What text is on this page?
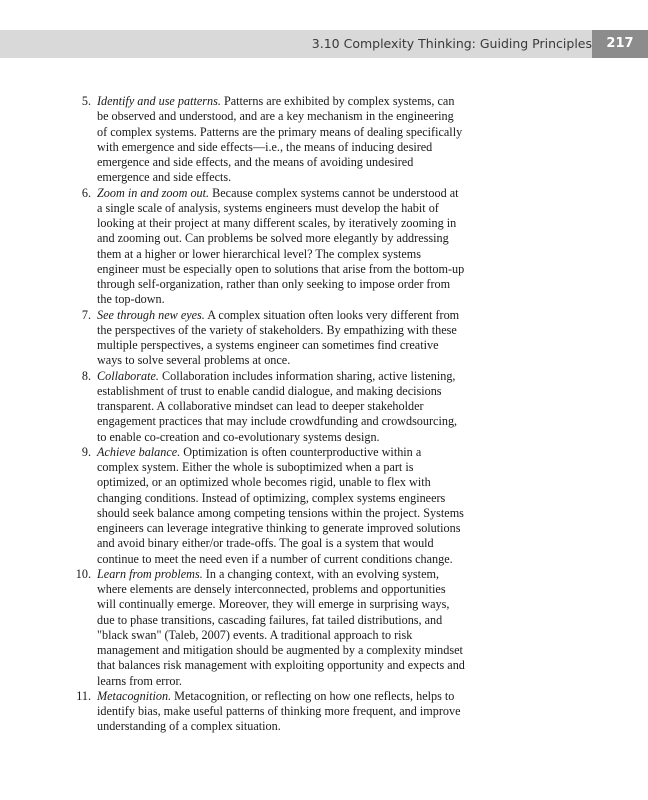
3.10 Complexity Thinking: Guiding Principles	217
5. Identify and use patterns. Patterns are exhibited by complex systems, can be observed and understood, and are a key mechanism in the engineering of complex systems. Patterns are the primary means of dealing specifically with emergence and side effects—i.e., the means of inducing desired emergence and side effects, and the means of avoiding undesired emergence and side effects.
6. Zoom in and zoom out. Because complex systems cannot be understood at a single scale of analysis, systems engineers must develop the habit of looking at their project at many different scales, by iteratively zooming in and zooming out. Can problems be solved more elegantly by addressing them at a higher or lower hierarchical level? The complex systems engineer must be especially open to solutions that arise from the bottom-up through self-organization, rather than only seeking to impose order from the top-down.
7. See through new eyes. A complex situation often looks very different from the perspectives of the variety of stakeholders. By empathizing with these multiple perspectives, a systems engineer can sometimes find creative ways to solve several problems at once.
8. Collaborate. Collaboration includes information sharing, active listening, establishment of trust to enable candid dialogue, and making decisions transparent. A collaborative mindset can lead to deeper stakeholder engagement practices that may include crowdfunding and crowdsourcing, to enable co-creation and co-evolutionary systems design.
9. Achieve balance. Optimization is often counterproductive within a complex system. Either the whole is suboptimized when a part is optimized, or an optimized whole becomes rigid, unable to flex with changing conditions. Instead of optimizing, complex systems engineers should seek balance among competing tensions within the project. Systems engineers can leverage integrative thinking to generate improved solutions and avoid binary either/or trade-offs. The goal is a system that would continue to meet the need even if a number of current conditions change.
10. Learn from problems. In a changing context, with an evolving system, where elements are densely interconnected, problems and opportunities will continually emerge. Moreover, they will emerge in surprising ways, due to phase transitions, cascading failures, fat tailed distributions, and "black swan" (Taleb, 2007) events. A traditional approach to risk management and mitigation should be augmented by a complexity mindset that balances risk management with exploiting opportunity and expects and learns from error.
11. Metacognition. Metacognition, or reflecting on how one reflects, helps to identify bias, make useful patterns of thinking more frequent, and improve understanding of a complex situation.
